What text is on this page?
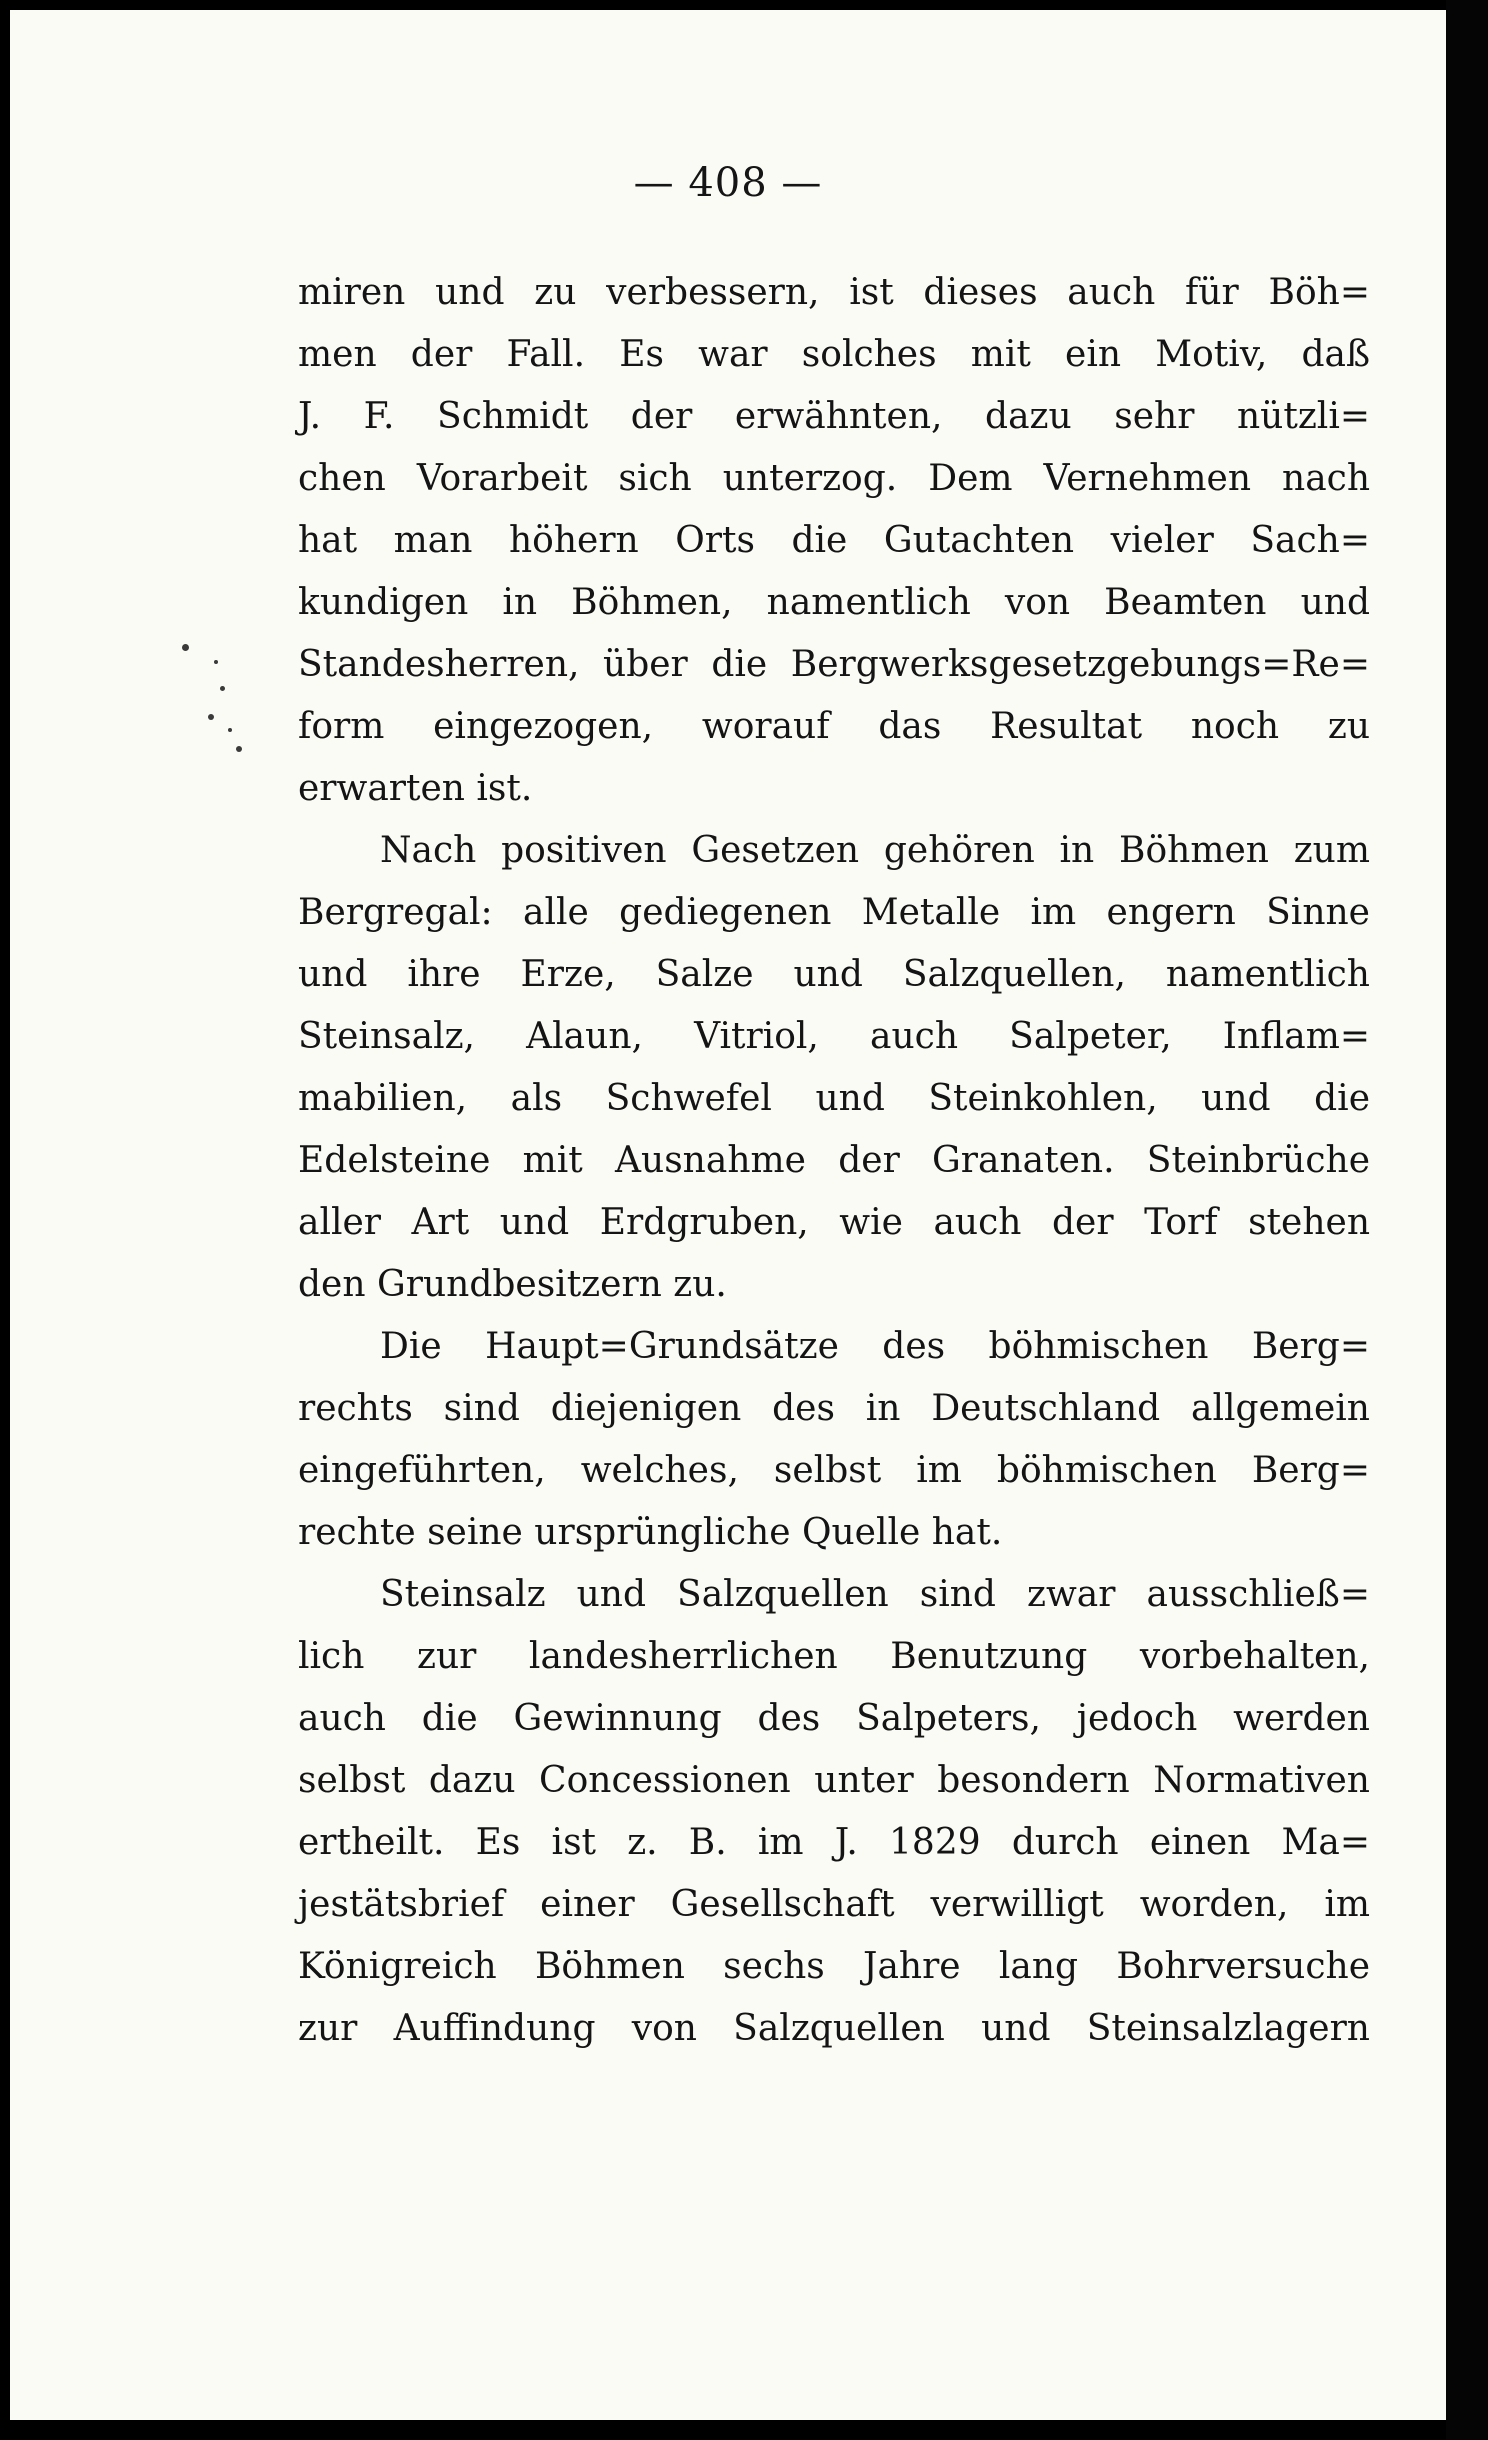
— 408 —
miren und zu verbessern, ist dieses auch für Böh=
men der Fall. Es war solches mit ein Motiv, daß
J. F. Schmidt der erwähnten, dazu sehr nützli=
chen Vorarbeit sich unterzog. Dem Vernehmen nach
hat man höhern Orts die Gutachten vieler Sach=
kundigen in Böhmen, namentlich von Beamten und
Standesherren, über die Bergwerksgesetzgebungs=Re=
form eingezogen, worauf das Resultat noch zu
erwarten ist.
Nach positiven Gesetzen gehören in Böhmen zum
Bergregal: alle gediegenen Metalle im engern Sinne
und ihre Erze, Salze und Salzquellen, namentlich
Steinsalz, Alaun, Vitriol, auch Salpeter, Inflam=
mabilien, als Schwefel und Steinkohlen, und die
Edelsteine mit Ausnahme der Granaten. Steinbrüche
aller Art und Erdgruben, wie auch der Torf stehen
den Grundbesitzern zu.
Die Haupt=Grundsätze des böhmischen Berg=
rechts sind diejenigen des in Deutschland allgemein
eingeführten, welches, selbst im böhmischen Berg=
rechte seine ursprüngliche Quelle hat.
Steinsalz und Salzquellen sind zwar ausschließ=
lich zur landesherrlichen Benutzung vorbehalten,
auch die Gewinnung des Salpeters, jedoch werden
selbst dazu Concessionen unter besondern Normativen
ertheilt. Es ist z. B. im J. 1829 durch einen Ma=
jestätsbrief einer Gesellschaft verwilligt worden, im
Königreich Böhmen sechs Jahre lang Bohrversuche
zur Auffindung von Salzquellen und Steinsalzlagern
